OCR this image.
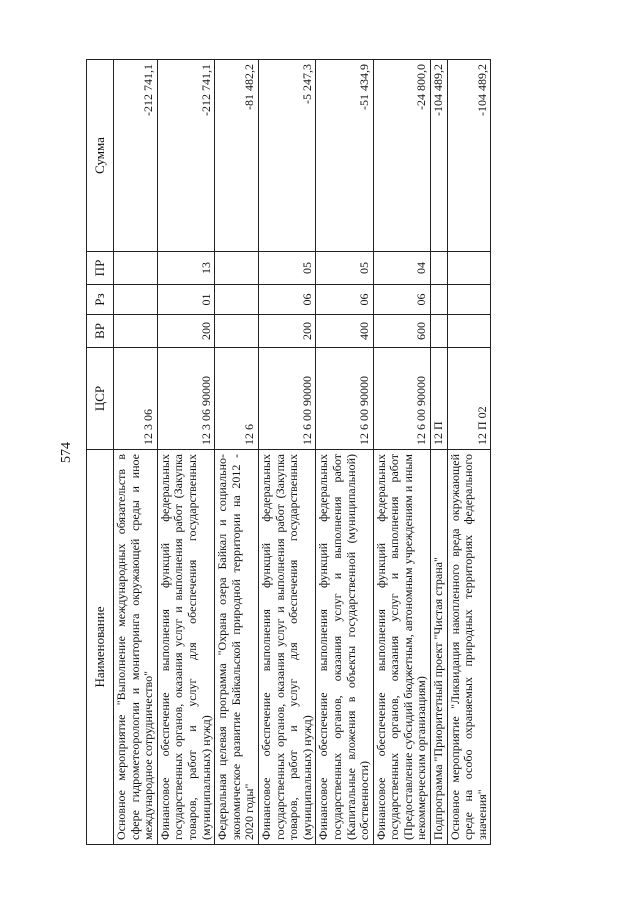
574
Наименование	ЦСР	ВР	Рз	ПР	Сумма
Основное мероприятие "Выполнение международных обязательств в сфере гидрометеорологии и мониторинга окружающей среды и иное международное сотрудничество"	12 3 06				-212 741,1
Финансовое обеспечение выполнения функций федеральных государственных органов, оказания услуг и выполнения работ (Закупка товаров, работ и услуг для обеспечения государственных (муниципальных) нужд)	12 3 06 90000	200	01	13	-212 741,1
Федеральная целевая программа "Охрана озера Байкал и социально-экономическое развитие Байкальской природной территории на 2012 - 2020 годы"	12 6				-81 482,2
Финансовое обеспечение выполнения функций федеральных государственных органов, оказания услуг и выполнения работ (Закупка товаров, работ и услуг для обеспечения государственных (муниципальных) нужд)	12 6 00 90000	200	06	05	-5 247,3
Финансовое обеспечение выполнения функций федеральных государственных органов, оказания услуг и выполнения работ (Капитальные вложения в объекты государственной (муниципальной) собственности)	12 6 00 90000	400	06	05	-51 434,9
Финансовое обеспечение выполнения функций федеральных государственных органов, оказания услуг и выполнения работ (Предоставление субсидий бюджетным, автономным учреждениям и иным некоммерческим организациям)	12 6 00 90000	600	06	04	-24 800,0
Подпрограмма "Приоритетный проект "Чистая страна"	12 П				-104 489,2
Основное мероприятие "Ликвидация накопленного вреда окружающей среде на особо охраняемых природных территориях федерального значения"	12 П 02				-104 489,2
